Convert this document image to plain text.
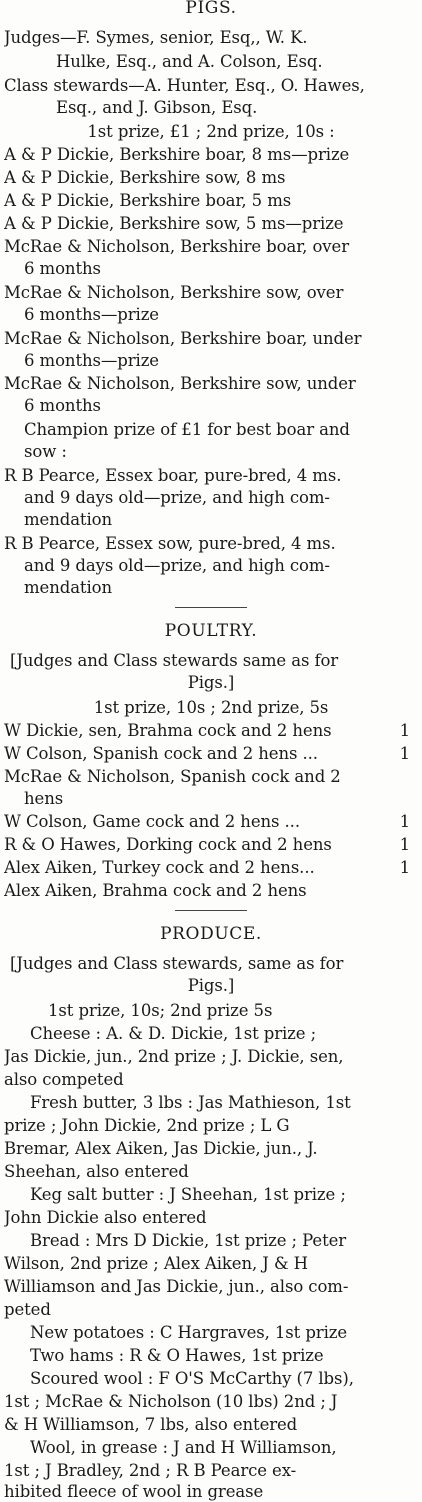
PIGS.
Judges—F. Symes, senior, Esq,, W. K.
Hulke, Esq., and A. Colson, Esq.
Class stewards—A. Hunter, Esq., O. Hawes,
Esq., and J. Gibson, Esq.
1st prize, £1 ; 2nd prize, 10s :
A & P Dickie, Berkshire boar, 8 ms—prize
A & P Dickie, Berkshire sow, 8 ms
A & P Dickie, Berkshire boar, 5 ms
A & P Dickie, Berkshire sow, 5 ms—prize
McRae & Nicholson, Berkshire boar, over
6 months
McRae & Nicholson, Berkshire sow, over
6 months—prize
McRae & Nicholson, Berkshire boar, under
6 months—prize
McRae & Nicholson, Berkshire sow, under
6 months
Champion prize of £1 for best boar and
sow :
R B Pearce, Essex boar, pure-bred, 4 ms.
and 9 days old—prize, and high com-
mendation
R B Pearce, Essex sow, pure-bred, 4 ms.
and 9 days old—prize, and high com-
mendation
POULTRY.
[Judges and Class stewards same as for
Pigs.]
1st prize, 10s ; 2nd prize, 5s
W Dickie, sen, Brahma cock and 2 hens	1
W Colson, Spanish cock and 2 hens ...	1
McRae & Nicholson, Spanish cock and 2
hens
W Colson, Game cock and 2 hens ...	1
R & O Hawes, Dorking cock and 2 hens	1
Alex Aiken, Turkey cock and 2 hens...	1
Alex Aiken, Brahma cock and 2 hens
PRODUCE.
[Judges and Class stewards, same as for
Pigs.]
1st prize, 10s; 2nd prize 5s
Cheese : A. & D. Dickie, 1st prize ;
Jas Dickie, jun., 2nd prize ; J. Dickie, sen,
also competed
Fresh butter, 3 lbs : Jas Mathieson, 1st
prize ; John Dickie, 2nd prize ; L G
Bremar, Alex Aiken, Jas Dickie, jun., J.
Sheehan, also entered
Keg salt butter : J Sheehan, 1st prize ;
John Dickie also entered
Bread : Mrs D Dickie, 1st prize ; Peter
Wilson, 2nd prize ; Alex Aiken, J & H
Williamson and Jas Dickie, jun., also com-
peted
New potatoes : C Hargraves, 1st prize
Two hams : R & O Hawes, 1st prize
Scoured wool : F O'S McCarthy (7 lbs),
1st ; McRae & Nicholson (10 lbs) 2nd ; J
& H Williamson, 7 lbs, also entered
Wool, in grease : J and H Williamson,
1st ; J Bradley, 2nd ; R B Pearce ex-
hibited fleece of wool in grease
